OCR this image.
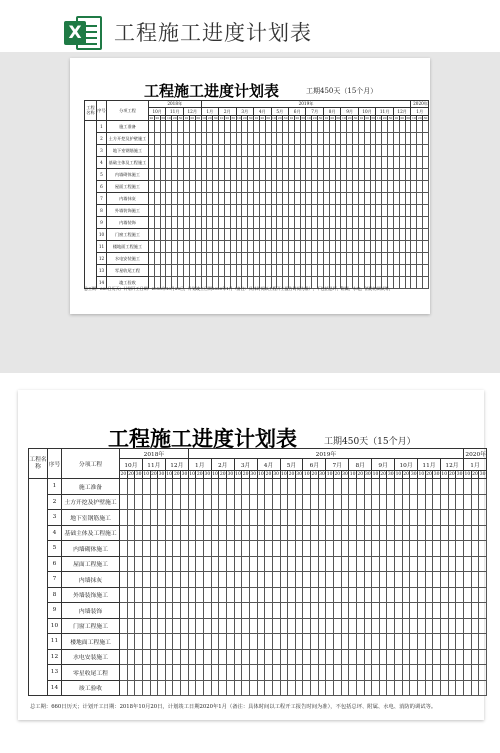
X 工程施工进度计划表
工程施工进度计划表	工期450天（15个月）
工程名称	序号	分项工程	2018年									2019年																																				2020年		
			10月			11月			12月			1月			2月			3月			4月			5月			6月			7月			8月			9月			10月			11月			12月			1月		
			20	20	30	10	20	30	10	20	30	10	20	30	10	20	30	10	20	30	10	20	30	10	20	30	10	20	30	10	20	30	10	20	30	10	20	30	10	20	30	10	20	30	10	20	30	10	20	30
	1	施工准备																																																
	2	土方开挖及护壁施工																																																
	3	地下室钢筋施工																																																
	4	基础主体及工程施工																																																
	5	内墙砌体施工																																																
	6	屋面工程施工																																																
	7	内墙抹灰																																																
	8	外墙装饰施工																																																
	9	内墙装饰																																																
	10	门窗工程施工																																																
	11	楼地面工程施工																																																
	12	水电安装施工																																																
	13	零星收尾工程																																																
	14	竣工验收																																																
总工期：660日历天；计划开工日期：2018年10月20日，计划竣工日期2020年1月（备注：具体时间以工程开工报告时间为准），不包括总坪、附属、水电、消防的调试等。
工程施工进度计划表	工期450天（15个月）
工程名称	序号	分项工程	2018年									2019年																																				2020年		
			10月			11月			12月			1月			2月			3月			4月			5月			6月			7月			8月			9月			10月			11月			12月			1月		
			20	20	30	10	20	30	10	20	30	10	20	30	10	20	30	10	20	30	10	20	30	10	20	30	10	20	30	10	20	30	10	20	30	10	20	30	10	20	30	10	20	30	10	20	30	10	20	30
	1	施工准备																																																
	2	土方开挖及护壁施工																																																
	3	地下室钢筋施工																																																
	4	基础主体及工程施工																																																
	5	内墙砌体施工																																																
	6	屋面工程施工																																																
	7	内墙抹灰																																																
	8	外墙装饰施工																																																
	9	内墙装饰																																																
	10	门窗工程施工																																																
	11	楼地面工程施工																																																
	12	水电安装施工																																																
	13	零星收尾工程																																																
	14	竣工验收																																																
总工期：660日历天；计划开工日期：2018年10月20日，计划竣工日期2020年1月（备注：具体时间以工程开工报告时间为准），不包括总坪、附属、水电、消防的调试等。
